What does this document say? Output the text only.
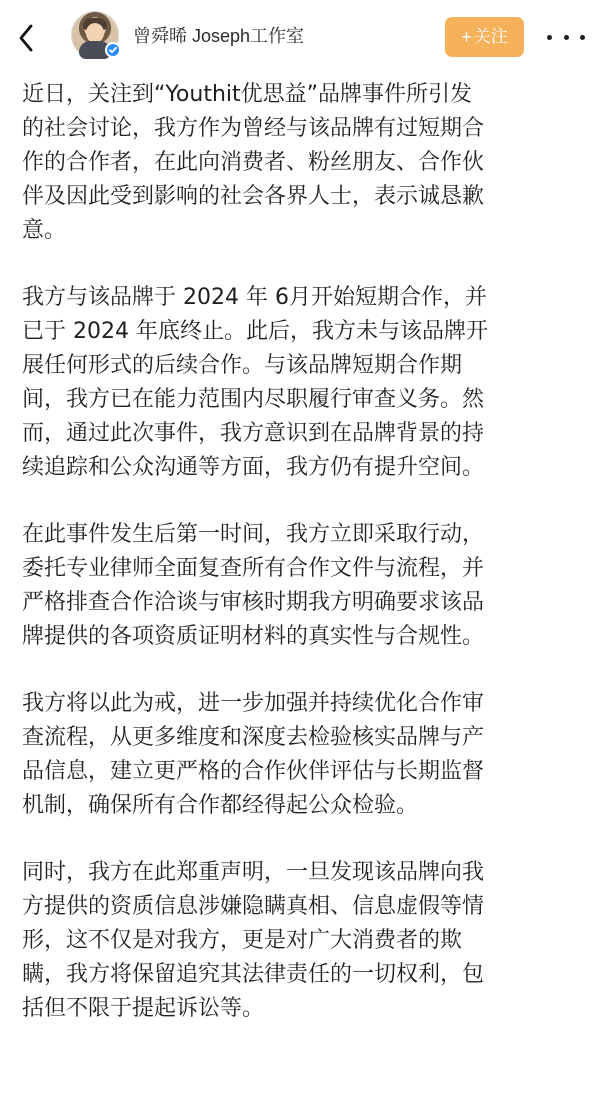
曾舜晞 Joseph工作室	+ 关注

近日，关注到“Youthit优思益”品牌事件所引发
的社会讨论，我方作为曾经与该品牌有过短期合
作的合作者，在此向消费者、粉丝朋友、合作伙
伴及因此受到影响的社会各界人士，表示诚恳歉
意。

我方与该品牌于 2024 年 6月开始短期合作，并
已于 2024 年底终止。此后，我方未与该品牌开
展任何形式的后续合作。与该品牌短期合作期
间，我方已在能力范围内尽职履行审查义务。然
而，通过此次事件，我方意识到在品牌背景的持
续追踪和公众沟通等方面，我方仍有提升空间。

在此事件发生后第一时间，我方立即采取行动，
委托专业律师全面复查所有合作文件与流程，并
严格排查合作洽谈与审核时期我方明确要求该品
牌提供的各项资质证明材料的真实性与合规性。

我方将以此为戒，进一步加强并持续优化合作审
查流程，从更多维度和深度去检验核实品牌与产
品信息，建立更严格的合作伙伴评估与长期监督
机制，确保所有合作都经得起公众检验。

同时，我方在此郑重声明，一旦发现该品牌向我
方提供的资质信息涉嫌隐瞒真相、信息虚假等情
形，这不仅是对我方，更是对广大消费者的欺
瞒，我方将保留追究其法律责任的一切权利，包
括但不限于提起诉讼等。
